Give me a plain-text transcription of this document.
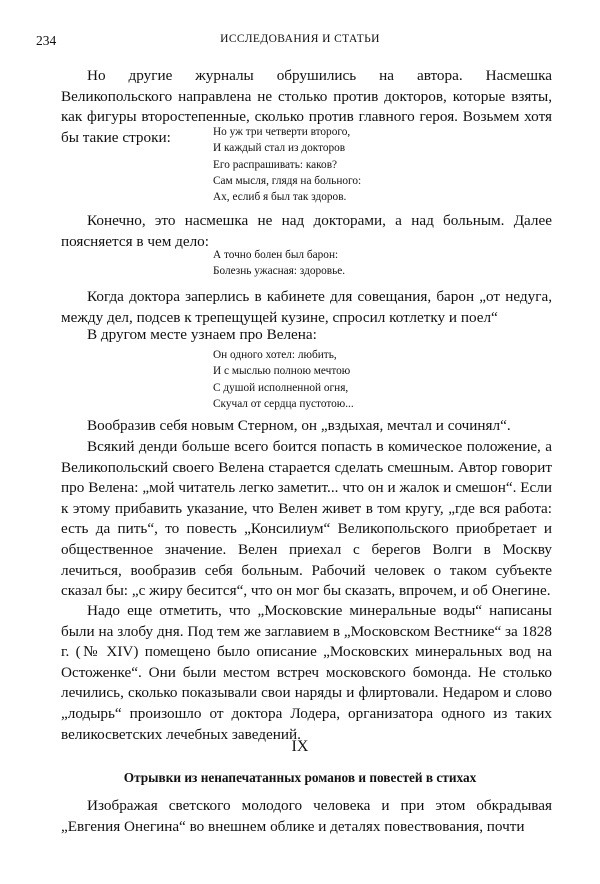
234	ИССЛЕДОВАНИЯ И СТАТЬИ

Но другие журналы обрушились на автора. Насмешка Великопольского направлена не столько против докторов, которые взяты, как фигуры второстепенные, сколько против главного героя. Возьмем хотя бы такие строки:	Но уж три четверти второго,
И каждый стал из докторов
Его распрашивать: каков?
Сам мысля, глядя на больного:
Ах, еслиб я был так здоров.

Конечно, это насмешка не над докторами, а над больным. Далее поясняется в чем дело:

А точно болен был барон:
Болезнь ужасная: здоровье.

Когда доктора заперлись в кабинете для совещания, барон „от недуга, между дел, подсев к трепещущей кузине, спросил котлетку и поел“

В другом месте узнаем про Велена:

Он одного хотел: любить,
И с мыслью полною мечтою
С душой исполненной огня,
Скучал от сердца пустотою...

Вообразив себя новым Стерном, он „вздыхая, мечтал и сочинял“.

Всякий денди больше всего боится попасть в комическое положение, а Великопольский своего Велена старается сделать смешным. Автор говорит про Велена: „мой читатель легко заметит... что он и жалок и смешон“. Если к этому прибавить указание, что Велен живет в том кругу, „где вся работа: есть да пить“, то повесть „Консилиум“ Великопольского приобретает и общественное значение. Велен приехал с берегов Волги в Москву лечиться, вообразив себя больным. Рабочий человек о таком субъекте сказал бы: „с жиру бесится“, что он мог бы сказать, впрочем, и об Онегине.

Надо еще отметить, что „Московские минеральные воды“ написаны были на злобу дня. Под тем же заглавием в „Московском Вестнике“ за 1828 г. (№ XIV) помещено было описание „Московских минеральных вод на Остоженке“. Они были местом встреч московского бомонда. Не столько лечились, сколько показывали свои наряды и флиртовали. Недаром и слово „лодырь“ произошло от доктора Лодера, организатора одного из таких великосветских лечебных заведений.

IX
Отрывки из ненапечатанных романов и повестей в стихах

Изображая светского молодого человека и при этом обкрадывая „Евгения Онегина“ во внешнем облике и деталях повествования, почти
